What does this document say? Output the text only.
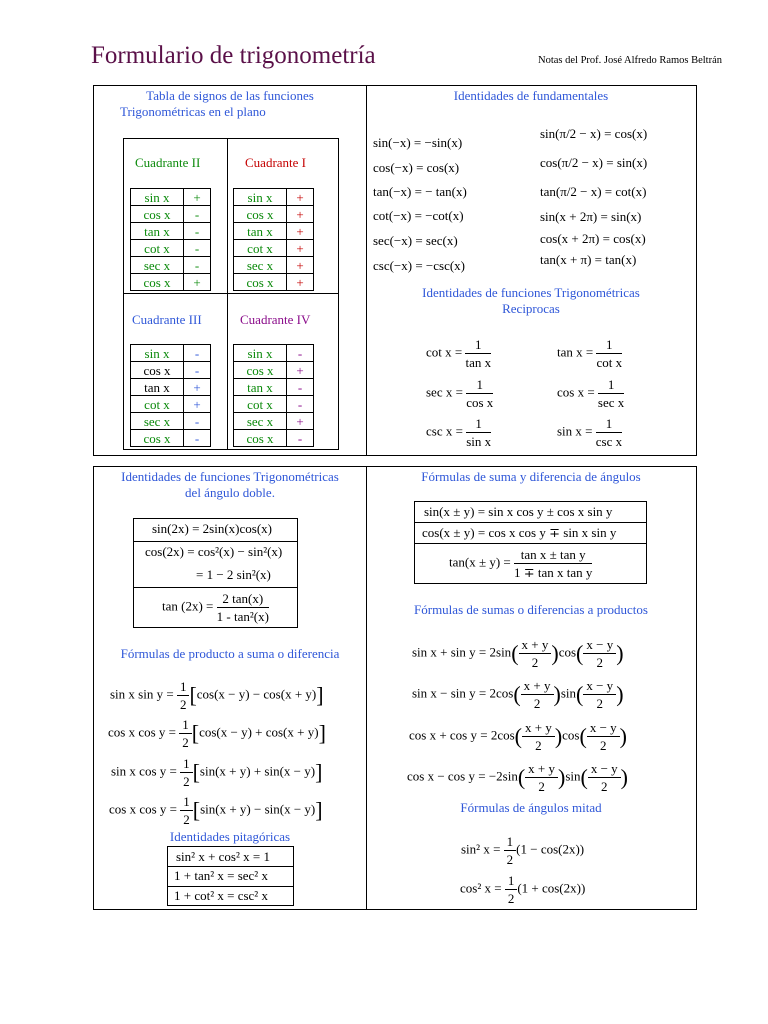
Formulario de trigonometría	Notas del Prof. José Alfredo Ramos Beltrán
Tabla de signos de las funciones
Trigonométricas en el plano
Cuadrante II	Cuadrante I
Cuadrante III	Cuadrante IV
sin x	+
cos x	-
tan x	-
cot x	-
sec x	-
cos x	+
sin x	+
cos x	+
tan x	+
cot x	+
sec x	+
cos x	+
sin x	-
cos x	-
tan x	+
cot x	+
sec x	-
cos x	-
sin x	-
cos x	+
tan x	-
cot x	-
sec x	+
cos x	-
Identidades de fundamentales
sin(−x) = −sin(x)
cos(−x) = cos(x)
tan(−x) = − tan(x)
cot(−x) = −cot(x)
sec(−x) = sec(x)
csc(−x) = −csc(x)
sin(π/2 − x) = cos(x)
cos(π/2 − x) = sin(x)
tan(π/2 − x) = cot(x)
sin(x + 2π) = sin(x)
cos(x + 2π) = cos(x)
tan(x + π) = tan(x)
Identidades de funciones Trigonométricas
Reciprocas
$\cot x = \frac{1}{\text{tan x}}$	$\tan x = \frac{1}{\text{cot x}}$
$\sec x = \frac{1}{\text{cos x}}$	$\cos x = \frac{1}{\text{sec x}}$
$\csc x = \frac{1}{\text{sin x}}$	$\sin x = \frac{1}{\text{csc x}}$
Identidades de funciones Trigonométricas
del ángulo doble.
sin(2x) = 2sin(x)cos(x)
cos(2x) = cos²(x) − sin²(x)
= 1 − 2 sin²(x)
$\tan (2x) = \frac{2 \tan(x)}{\text{1 - tan²(x)}}$
Fórmulas de producto a suma o diferencia
sin x $\sin y = \frac{1}{2} [\cos(x - y) - \cos(x + y)]$
cos x $\cos y = \frac{1}{2} [\cos(x - y) + \cos(x + y)]$
sin x $\cos y = \frac{1}{2} [\sin(x + y) + \sin(x - y)]$
cos x $\cos y = \frac{1}{2} [\sin(x + y) - \sin(x - y)]$
Identidades pitagóricas
sin² x + cos² x = 1
1 + tan² x = sec² x
1 + cot² x = csc² x
Fórmulas de suma y diferencia de ángulos
sin(x ± y) = sin x cos y ± cos x sin y
cos(x ± y) = cos x cos y ∓ sin x sin y
$\tan(x \pm y) = \frac{\text{tan x ± tan y}}{\text{1 ∓ tan x tan y}}$
Fórmulas de sumas o diferencias a productos
$\sin x + \sin y = 2\sin( \frac{x + y}{2} )\cos( \frac{x - y}{2}$ )
$\sin x - \sin y = 2\cos( \frac{x + y}{2} )\sin( \frac{x - y}{2}$ )
$\cos x + \cos y = 2\cos( \frac{x + y}{2} )\cos( \frac{x - y}{2}$ )
$\cos x - \cos y = -2\sin( \frac{x + y}{2} )\sin( \frac{x - y}{2}$ )
Fórmulas de ángulos mitad
sin² $x = \frac{1}{2} (1 - \cos(2x))$
cos² $x = \frac{1}{2} (1 + \cos(2x))$
